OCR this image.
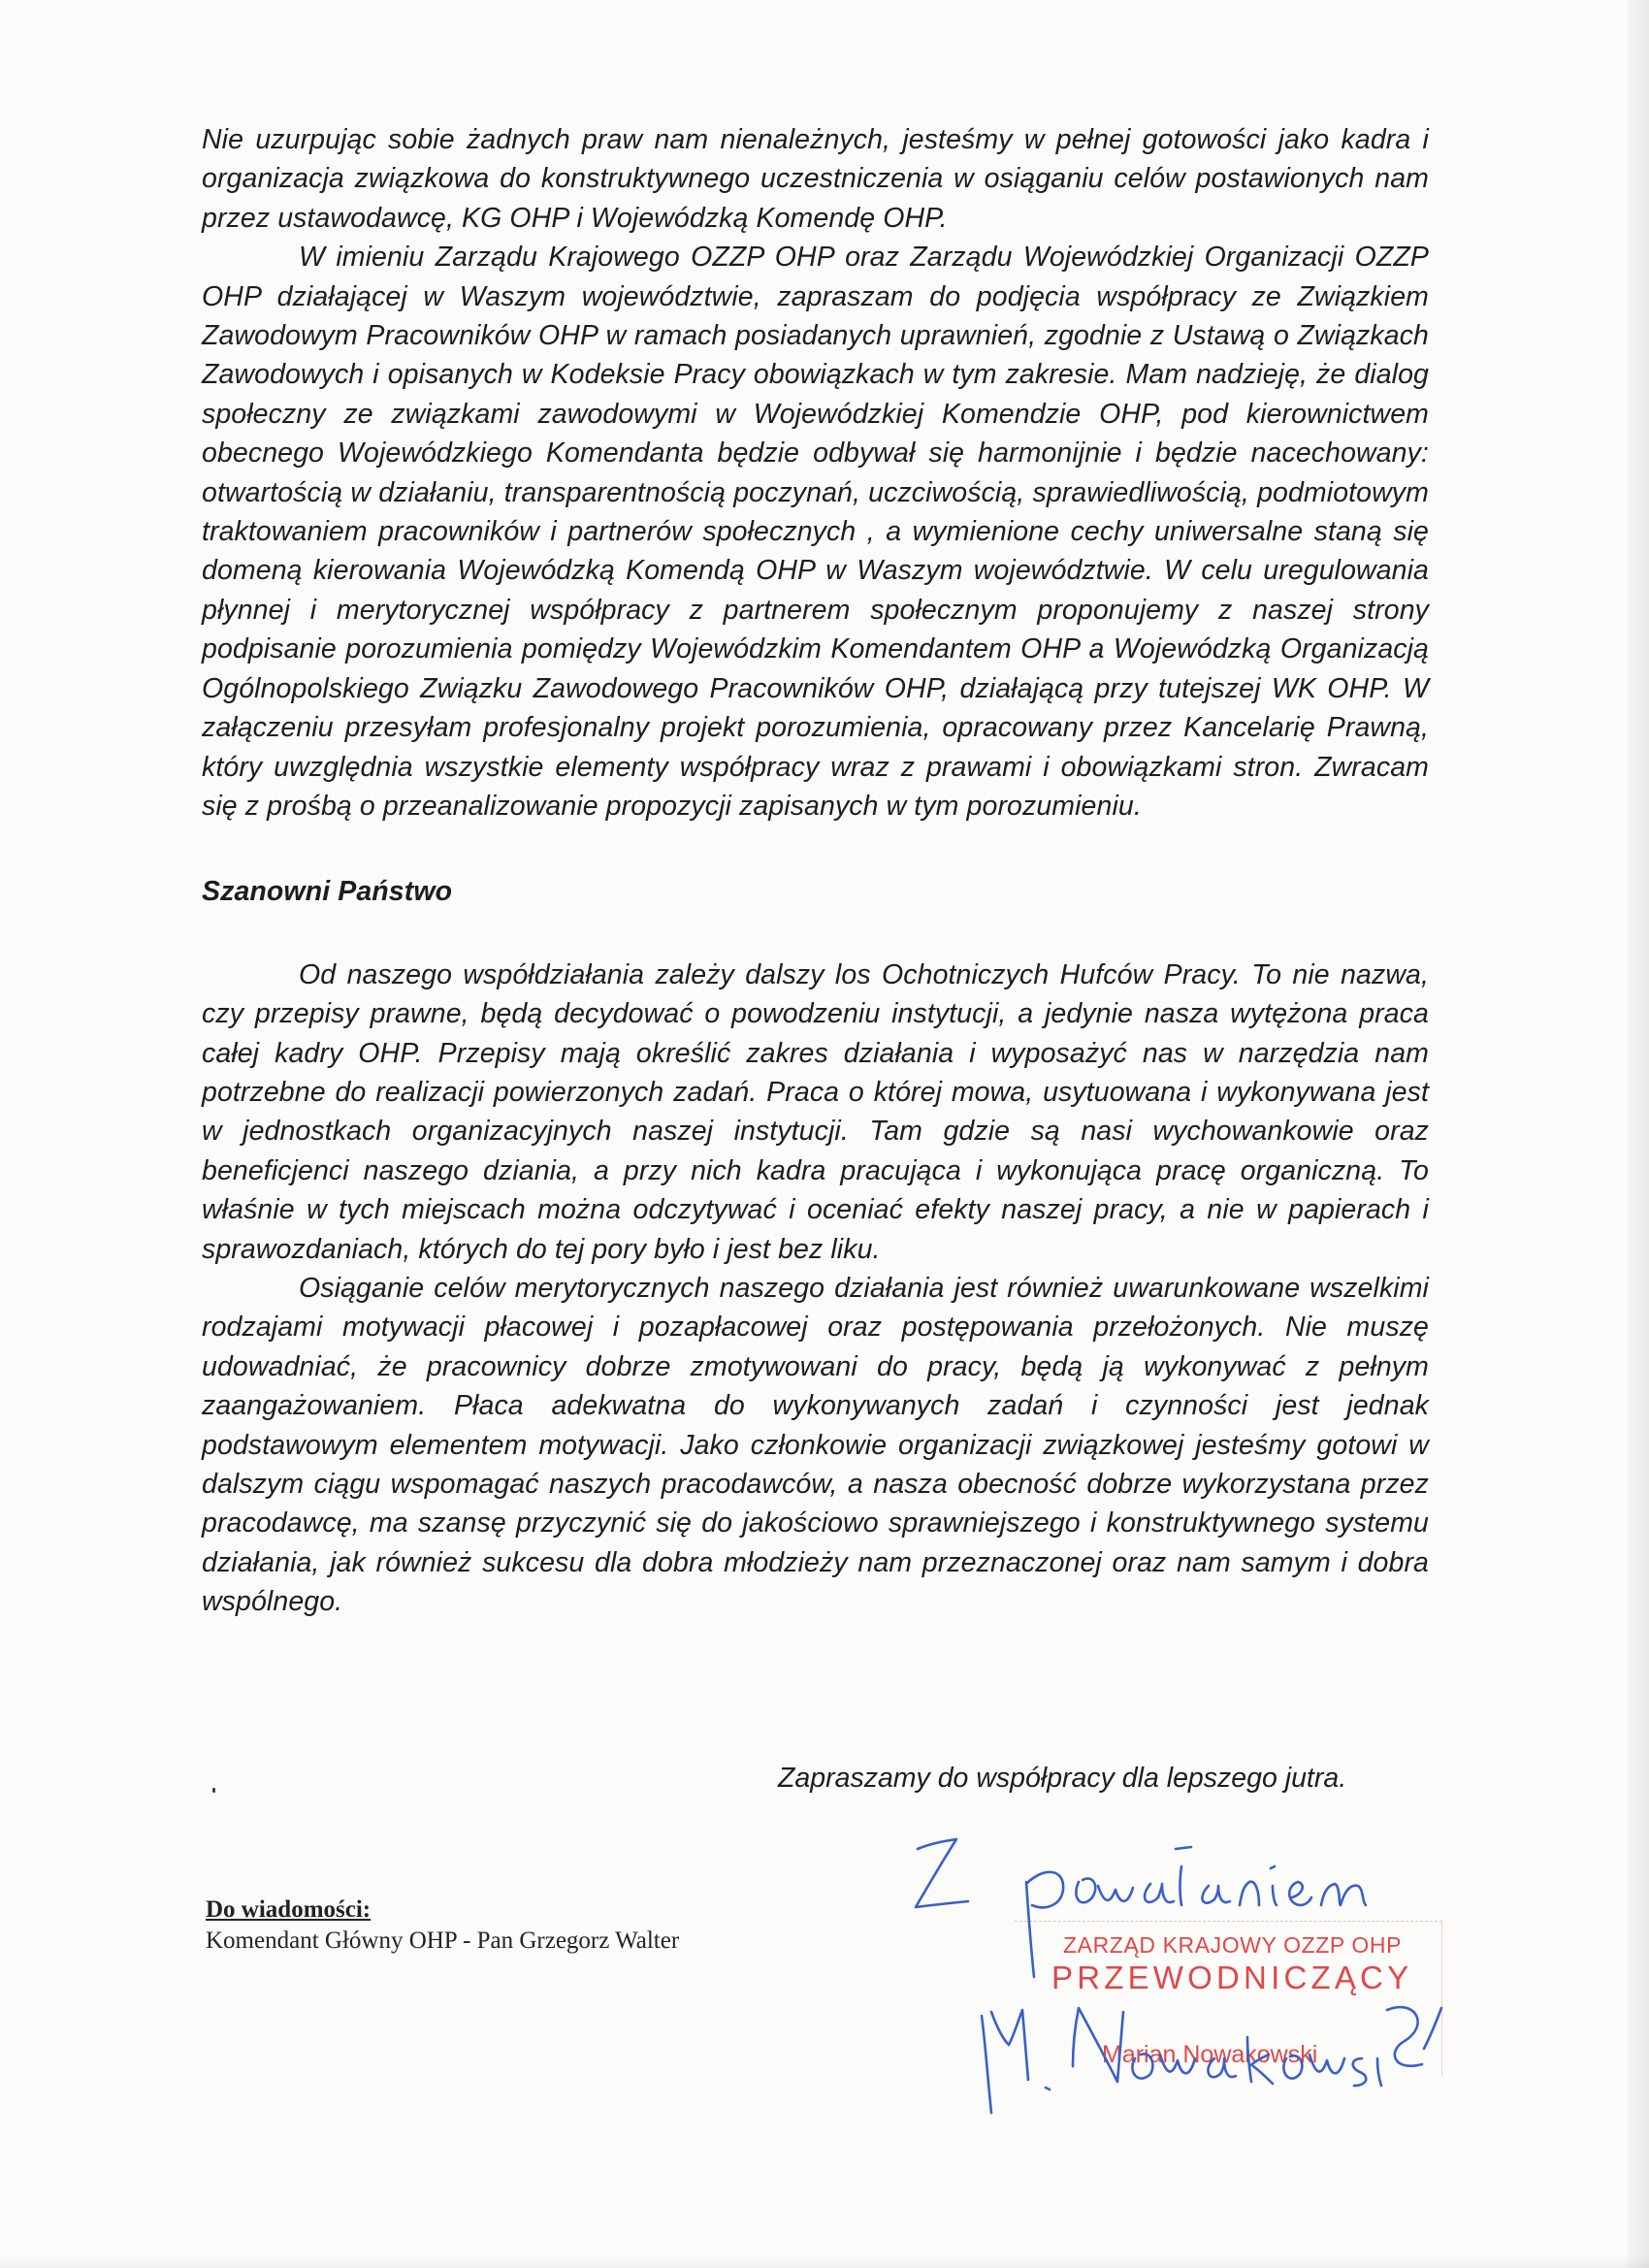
Nie uzurpując sobie żadnych praw nam nienależnych, jesteśmy w pełnej gotowości jako kadra i organizacja związkowa do konstruktywnego uczestniczenia w osiąganiu celów postawionych nam przez ustawodawcę, KG OHP i Wojewódzką Komendę OHP.

W imieniu Zarządu Krajowego OZZP OHP oraz Zarządu Wojewódzkiej Organizacji OZZP OHP działającej w Waszym województwie, zapraszam do podjęcia współpracy ze Związkiem Zawodowym Pracowników OHP w ramach posiadanych uprawnień, zgodnie z Ustawą o Związkach Zawodowych i opisanych w Kodeksie Pracy obowiązkach w tym zakresie. Mam nadzieję, że dialog społeczny ze związkami zawodowymi w Wojewódzkiej Komendzie OHP, pod kierownictwem obecnego Wojewódzkiego Komendanta będzie odbywał się harmonijnie i będzie nacechowany: otwartością w działaniu, transparentnością poczynań, uczciwością, sprawiedliwością, podmiotowym traktowaniem pracowników i partnerów społecznych , a wymienione cechy uniwersalne staną się domeną kierowania Wojewódzką Komendą OHP w Waszym województwie. W celu uregulowania płynnej i merytorycznej współpracy z partnerem społecznym proponujemy z naszej strony podpisanie porozumienia pomiędzy Wojewódzkim Komendantem OHP a Wojewódzką Organizacją Ogólnopolskiego Związku Zawodowego Pracowników OHP, działającą przy tutejszej WK OHP. W załączeniu przesyłam profesjonalny projekt porozumienia, opracowany przez Kancelarię Prawną, który uwzględnia wszystkie elementy współpracy wraz z prawami i obowiązkami stron. Zwracam się z prośbą o przeanalizowanie propozycji zapisanych w tym porozumieniu.

Szanowni Państwo

Od naszego współdziałania zależy dalszy los Ochotniczych Hufców Pracy. To nie nazwa, czy przepisy prawne, będą decydować o powodzeniu instytucji, a jedynie nasza wytężona praca całej kadry OHP. Przepisy mają określić zakres działania i wyposażyć nas w narzędzia nam potrzebne do realizacji powierzonych zadań. Praca o której mowa, usytuowana i wykonywana jest w jednostkach organizacyjnych naszej instytucji. Tam gdzie są nasi wychowankowie oraz beneficjenci naszego dziania, a przy nich kadra pracująca i wykonująca pracę organiczną. To właśnie w tych miejscach można odczytywać i oceniać efekty naszej pracy, a nie w papierach i sprawozdaniach, których do tej pory było i jest bez liku.

Osiąganie celów merytorycznych naszego działania jest również uwarunkowane wszelkimi rodzajami motywacji płacowej i pozapłacowej oraz postępowania przełożonych. Nie muszę udowadniać, że pracownicy dobrze zmotywowani do pracy, będą ją wykonywać z pełnym zaangażowaniem. Płaca adekwatna do wykonywanych zadań i czynności jest jednak podstawowym elementem motywacji. Jako członkowie organizacji związkowej jesteśmy gotowi w dalszym ciągu wspomagać naszych pracodawców, a nasza obecność dobrze wykorzystana przez pracodawcę, ma szansę przyczynić się do jakościowo sprawniejszego i konstruktywnego systemu działania, jak również sukcesu dla dobra młodzieży nam przeznaczonej oraz nam samym i dobra wspólnego.

Zapraszamy do współpracy dla lepszego jutra.
Do wiadomości:
Komendant Główny OHP - Pan Grzegorz Walter	ZARZĄD KRAJOWY OZZP OHP
PRZEWODNICZĄCY
Marian Nowakowski
